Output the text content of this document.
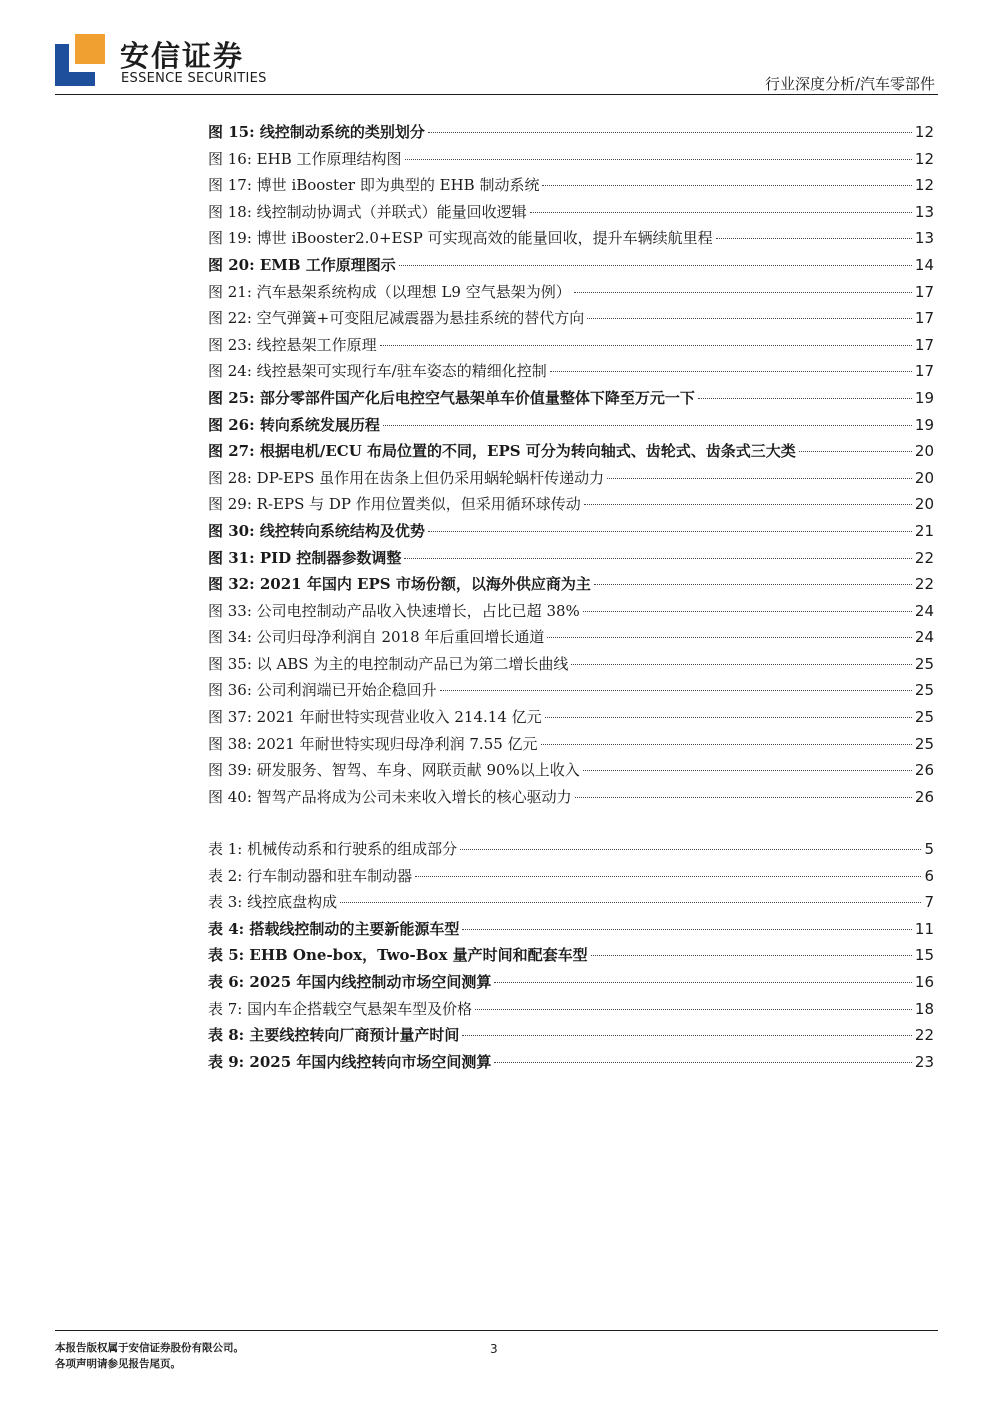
安信证券
ESSENCE SECURITIES	行业深度分析/汽车零部件
图 15: 线控制动系统的类别划分	12
图 16: EHB 工作原理结构图	12
图 17: 博世 iBooster 即为典型的 EHB 制动系统	12
图 18: 线控制动协调式（并联式）能量回收逻辑	13
图 19: 博世 iBooster2.0+ESP 可实现高效的能量回收，提升车辆续航里程	13
图 20: EMB 工作原理图示	14
图 21: 汽车悬架系统构成（以理想 L9 空气悬架为例）	17
图 22: 空气弹簧+可变阻尼减震器为悬挂系统的替代方向	17
图 23: 线控悬架工作原理	17
图 24: 线控悬架可实现行车/驻车姿态的精细化控制	17
图 25: 部分零部件国产化后电控空气悬架单车价值量整体下降至万元一下	19
图 26: 转向系统发展历程	19
图 27: 根据电机/ECU 布局位置的不同，EPS 可分为转向轴式、齿轮式、齿条式三大类	20
图 28: DP-EPS 虽作用在齿条上但仍采用蜗轮蜗杆传递动力	20
图 29: R-EPS 与 DP 作用位置类似，但采用循环球传动	20
图 30: 线控转向系统结构及优势	21
图 31: PID 控制器参数调整	22
图 32: 2021 年国内 EPS 市场份额，以海外供应商为主	22
图 33: 公司电控制动产品收入快速增长，占比已超 38%	24
图 34: 公司归母净利润自 2018 年后重回增长通道	24
图 35: 以 ABS 为主的电控制动产品已为第二增长曲线	25
图 36: 公司利润端已开始企稳回升	25
图 37: 2021 年耐世特实现营业收入 214.14 亿元	25
图 38: 2021 年耐世特实现归母净利润 7.55 亿元	25
图 39: 研发服务、智驾、车身、网联贡献 90%以上收入	26
图 40: 智驾产品将成为公司未来收入增长的核心驱动力	26
表 1: 机械传动系和行驶系的组成部分	5
表 2: 行车制动器和驻车制动器	6
表 3: 线控底盘构成	7
表 4: 搭载线控制动的主要新能源车型	11
表 5: EHB One-box，Two-Box 量产时间和配套车型	15
表 6: 2025 年国内线控制动市场空间测算	16
表 7: 国内车企搭载空气悬架车型及价格	18
表 8: 主要线控转向厂商预计量产时间	22
表 9: 2025 年国内线控转向市场空间测算	23
本报告版权属于安信证券股份有限公司。
各项声明请参见报告尾页。
3
